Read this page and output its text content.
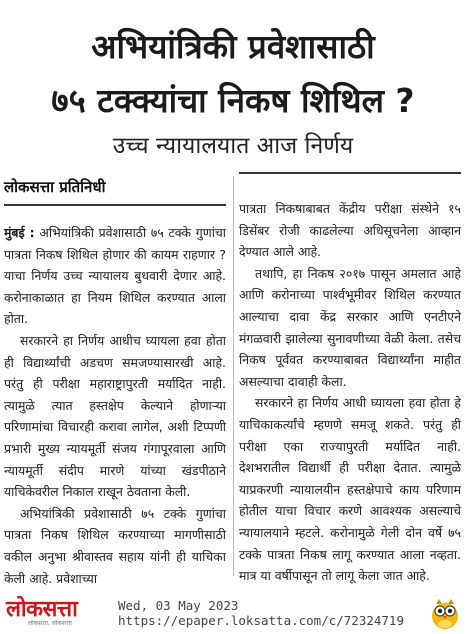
अभियांत्रिकी प्रवेशासाठी
७५ टक्क्यांचा निकष शिथिल ?
उच्च न्यायालयात आज निर्णय
लोकसत्ता प्रतिनिधी

मुंबई : अभियांत्रिकी प्रवेशासाठी ७५ टक्के गुणांचा पात्रता निकष शिथिल होणार की कायम राहणार ? याचा निर्णय उच्च न्यायालय बुधवारी देणार आहे. करोनाकाळात हा नियम शिथिल करण्यात आला होता.

सरकारने हा निर्णय आधीच घ्यायला हवा होता ही विद्यार्थ्यांची अडचण समजण्यासारखी आहे. परंतु ही परीक्षा महाराष्ट्रापुरती मर्यादित नाही. त्यामुळे त्यात हस्तक्षेप केल्याने होणाऱ्या परिणामांचा विचारही करावा लागेल, अशी टिप्पणी प्रभारी मुख्य न्यायमूर्ती संजय गंगापूरवाला आणि न्यायमूर्ती संदीप मारणे यांच्या खंडपीठाने याचिकेवरील निकाल राखून ठेवताना केली.

अभियांत्रिकी प्रवेशासाठी ७५ टक्के गुणांचा पात्रता निकष शिथिल करण्याच्या मागणीसाठी वकील अनुभा श्रीवास्तव सहाय यांनी ही याचिका केली आहे. प्रवेशाच्या

पात्रता निकषाबाबत केंद्रीय परीक्षा संस्थेने १५ डिसेंबर रोजी काढलेल्या अधिसूचनेला आव्हान देण्यात आले आहे.

तथापि, हा निकष २०१७ पासून अमलात आहे आणि करोनाच्या पार्श्वभूमीवर शिथिल करण्यात आल्याचा दावा केंद्र सरकार आणि एनटीएने मंगळवारी झालेल्या सुनावणीच्या वेळी केला. तसेच निकष पूर्ववत करण्याबाबत विद्यार्थ्यांना माहीत असल्याचा दावाही केला.

सरकारने हा निर्णय आधी घ्यायला हवा होता हे याचिकाकर्त्यांचे म्हणणे समजू शकते. परंतु ही परीक्षा एका राज्यापुरती मर्यादित नाही. देशभरातील विद्यार्थी ही परीक्षा देतात. त्यामुळे याप्रकरणी न्यायालयीन हस्तक्षेपाचे काय परिणाम होतील याचा विचार करणे आवश्यक असल्याचे न्यायालयाने म्हटले. करोनामुळे गेली दोन वर्षे ७५ टक्के पात्रता निकष लागू करण्यात आला नव्हता. मात्र या वर्षीपासून तो लागू केला जात आहे.

लोकसत्ता
लोकसत्ता, लोकसत्ता
Wed, 03 May 2023
https://epaper.loksatta.com/c/72324719
